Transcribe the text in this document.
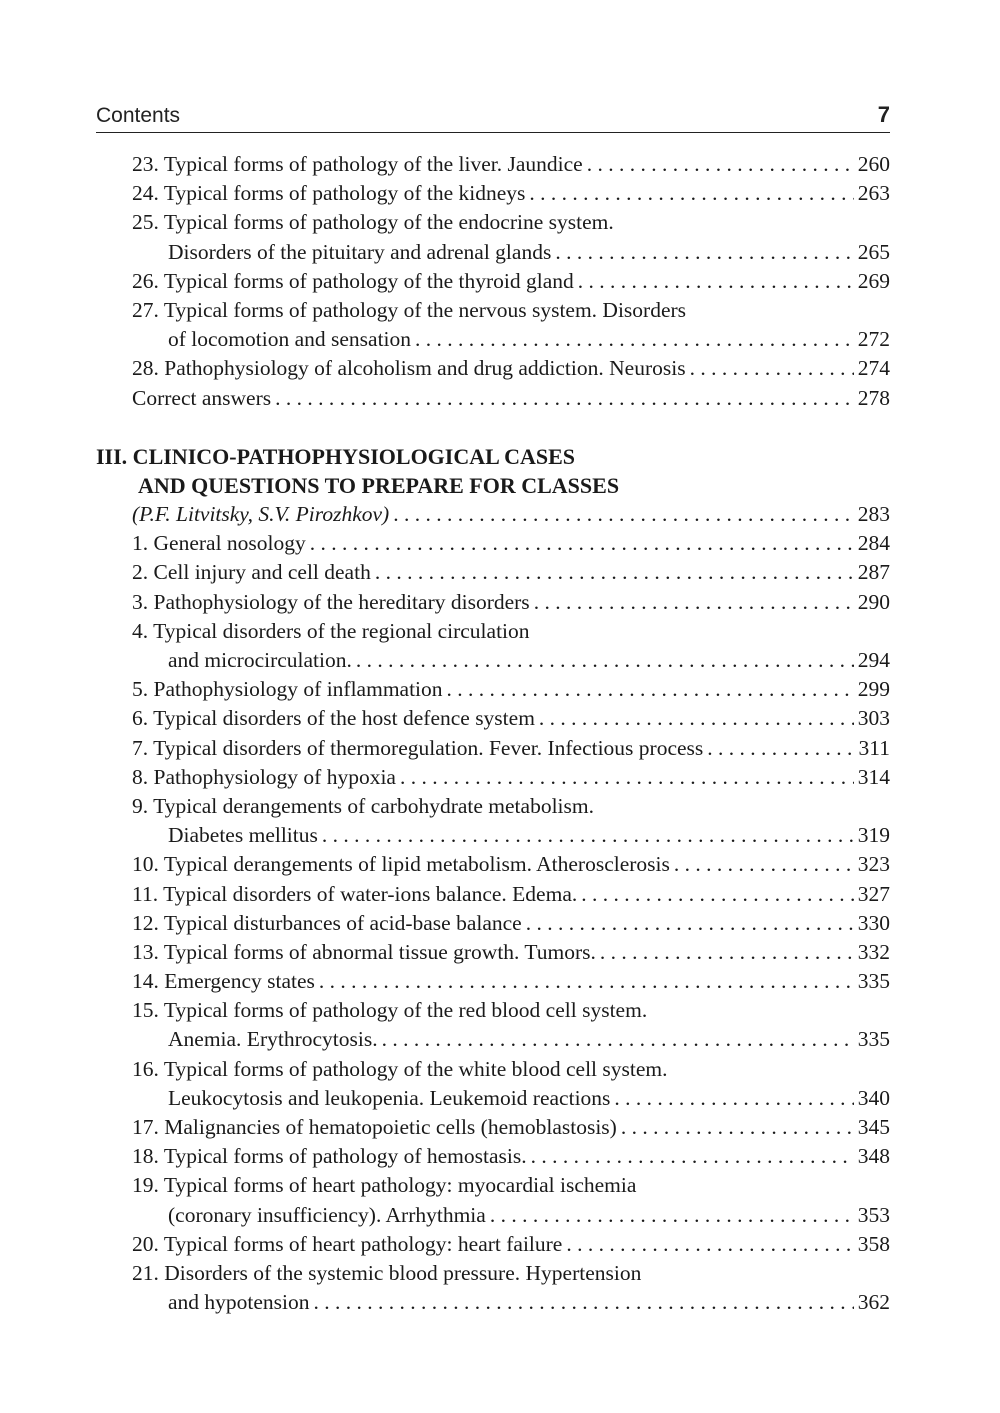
Contents	7
23. Typical forms of pathology of the liver. Jaundice . . .	260
24. Typical forms of pathology of the kidneys . . .	263
25. Typical forms of pathology of the endocrine system.
Disorders of the pituitary and adrenal glands . . .	265
26. Typical forms of pathology of the thyroid gland . . .	269
27. Typical forms of pathology of the nervous system. Disorders
of locomotion and sensation . . .	272
28. Pathophysiology of alcoholism and drug addiction. Neurosis . . .	274
Correct answers . . .	278
III. CLINICO-PATHOPHYSIOLOGICAL CASES
AND QUESTIONS TO PREPARE FOR CLASSES
(P.F. Litvitsky, S.V. Pirozhkov) . . .	283
1. General nosology . . .	284
2. Cell injury and cell death . . .	287
3. Pathophysiology of the hereditary disorders . . .	290
4. Typical disorders of the regional circulation
and microcirculation. . . .	294
5. Pathophysiology of inflammation . . .	299
6. Typical disorders of the host defence system . . .	303
7. Typical disorders of thermoregulation. Fever. Infectious process . . .	311
8. Pathophysiology of hypoxia . . .	314
9. Typical derangements of carbohydrate metabolism.
Diabetes mellitus . . .	319
10. Typical derangements of lipid metabolism. Atherosclerosis . . .	323
11. Typical disorders of water-ions balance. Edema. . . .	327
12. Typical disturbances of acid-base balance . . .	330
13. Typical forms of abnormal tissue growth. Tumors. . . .	332
14. Emergency states . . .	335
15. Typical forms of pathology of the red blood cell system.
Anemia. Erythrocytosis. . . .	335
16. Typical forms of pathology of the white blood cell system.
Leukocytosis and leukopenia. Leukemoid reactions . . .	340
17. Malignancies of hematopoietic cells (hemoblastosis) . . .	345
18. Typical forms of pathology of hemostasis. . . .	348
19. Typical forms of heart pathology: myocardial ischemia
(coronary insufficiency). Arrhythmia . . .	353
20. Typical forms of heart pathology: heart failure . . .	358
21. Disorders of the systemic blood pressure. Hypertension
and hypotension . . .	362
